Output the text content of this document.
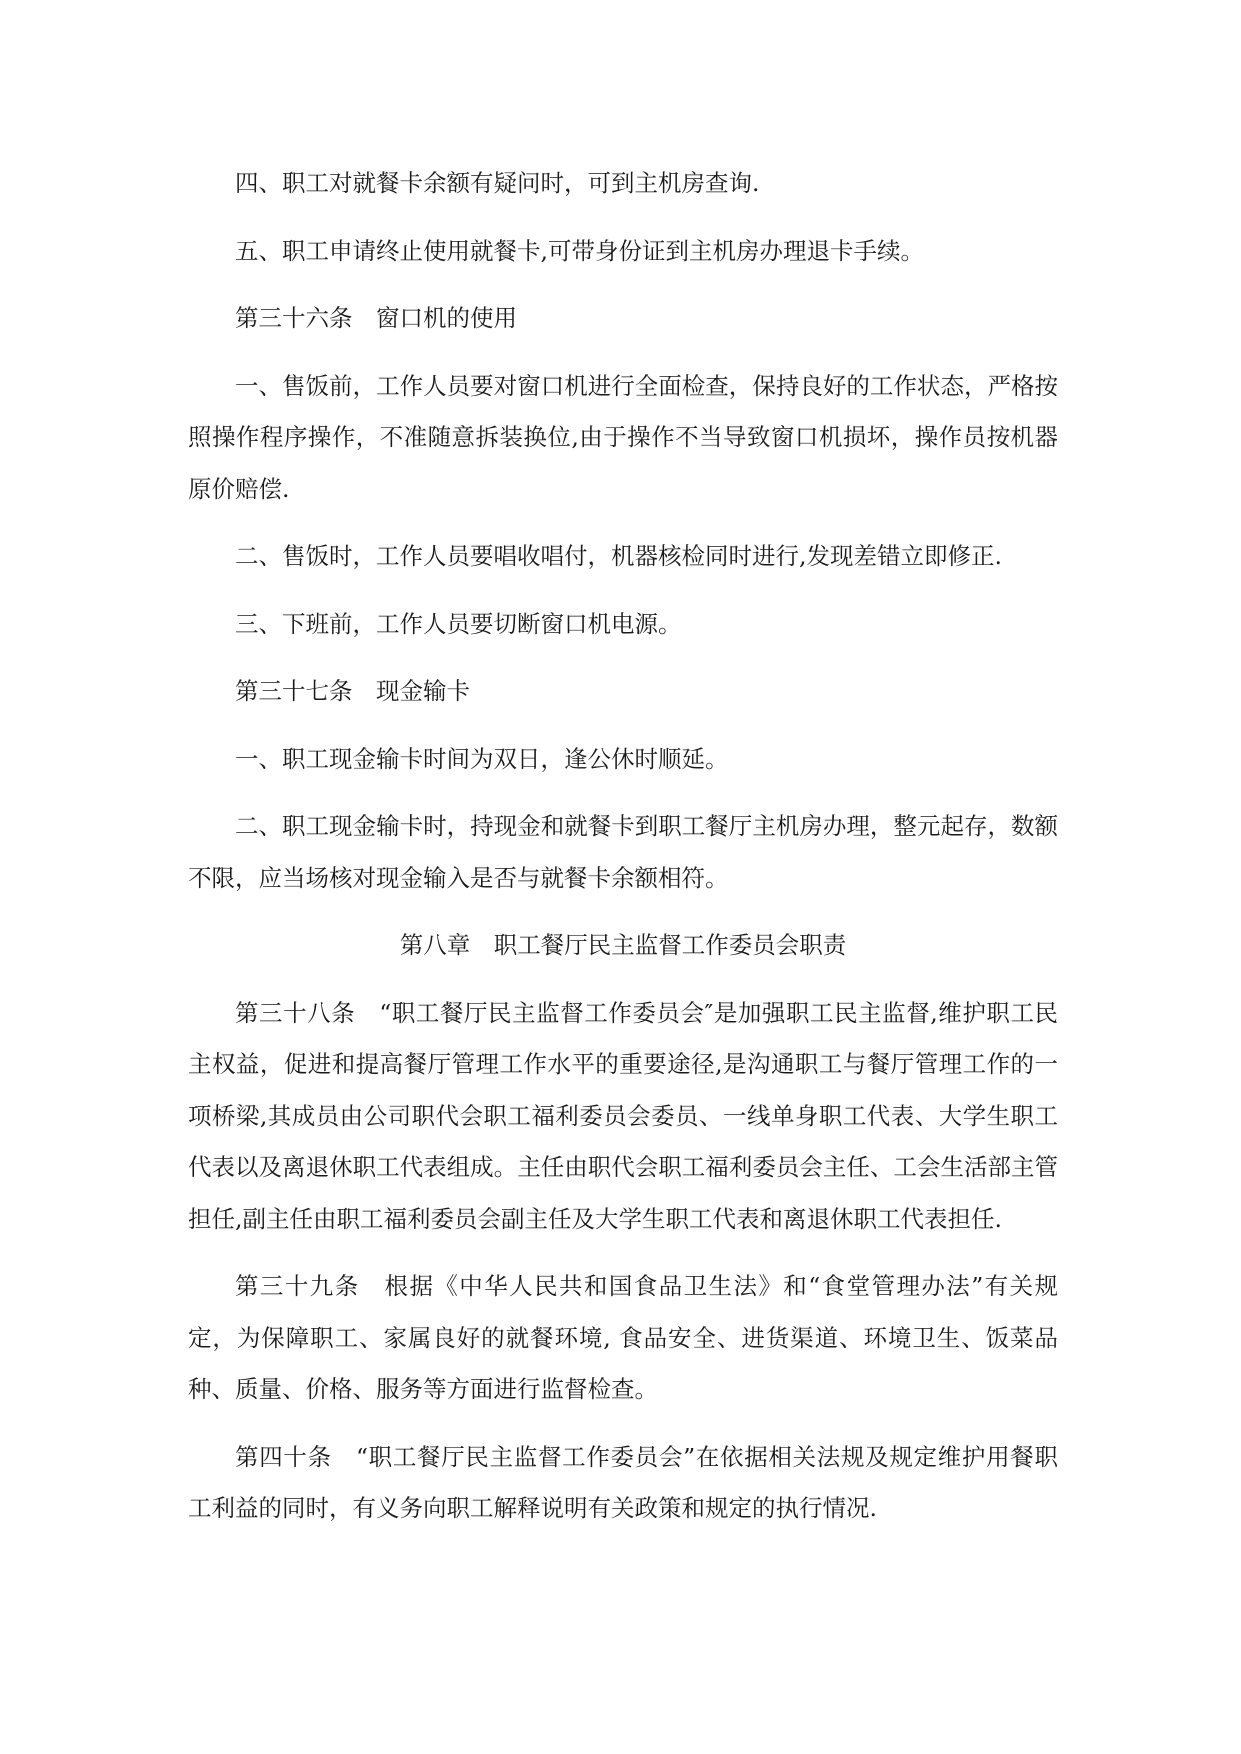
四、职工对就餐卡余额有疑问时，可到主机房查询.

五、职工申请终止使用就餐卡,可带身份证到主机房办理退卡手续。

第三十六条　窗口机的使用

一、售饭前，工作人员要对窗口机进行全面检查，保持良好的工作状态，严格按照操作程序操作，不准随意拆装换位,由于操作不当导致窗口机损坏，操作员按机器原价赔偿.

二、售饭时，工作人员要唱收唱付，机器核检同时进行,发现差错立即修正.

三、下班前，工作人员要切断窗口机电源。

第三十七条　现金输卡

一、职工现金输卡时间为双日，逢公休时顺延。

二、职工现金输卡时，持现金和就餐卡到职工餐厅主机房办理，整元起存，数额不限，应当场核对现金输入是否与就餐卡余额相符。

第八章　职工餐厅民主监督工作委员会职责

第三十八条　“职工餐厅民主监督工作委员会″是加强职工民主监督,维护职工民主权益，促进和提高餐厅管理工作水平的重要途径,是沟通职工与餐厅管理工作的一项桥梁,其成员由公司职代会职工福利委员会委员、一线单身职工代表、大学生职工代表以及离退休职工代表组成。主任由职代会职工福利委员会主任、工会生活部主管担任,副主任由职工福利委员会副主任及大学生职工代表和离退休职工代表担任.

第三十九条　根据《中华人民共和国食品卫生法》和“食堂管理办法”有关规定，为保障职工、家属良好的就餐环境, 食品安全、进货渠道、环境卫生、饭菜品种、质量、价格、服务等方面进行监督检查。

第四十条　“职工餐厅民主监督工作委员会”在依据相关法规及规定维护用餐职工利益的同时，有义务向职工解释说明有关政策和规定的执行情况.
